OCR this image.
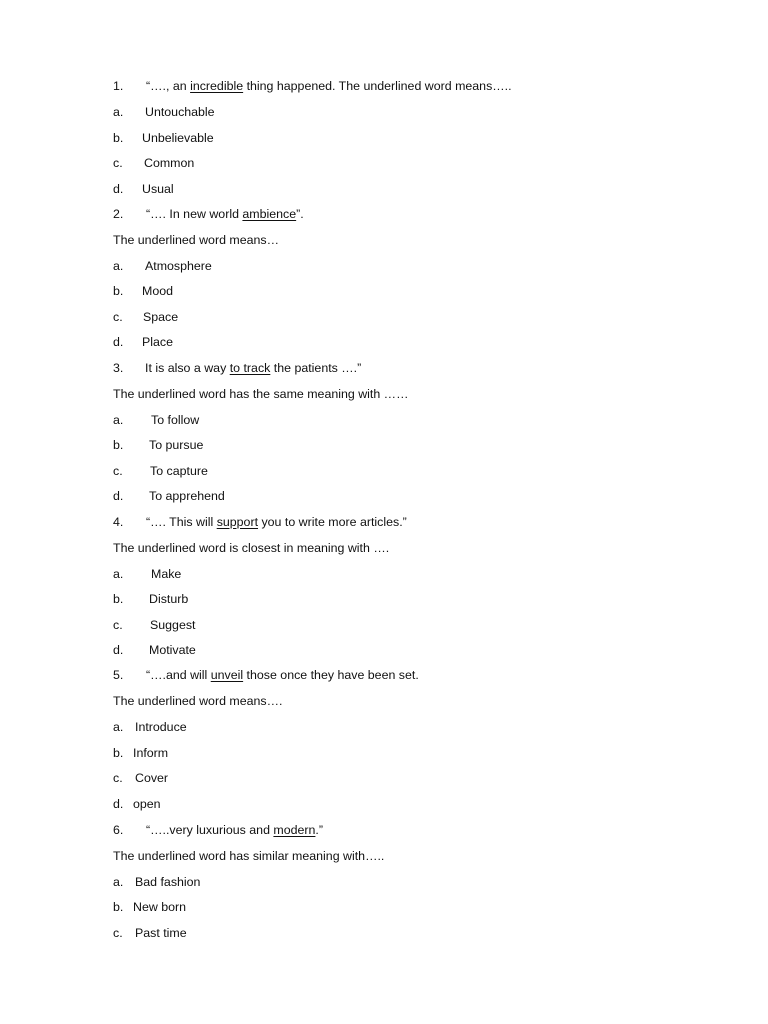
1. “…., an incredible thing happened. The underlined word means…..
a. Untouchable
b. Unbelievable
c. Common
d. Usual
2. “…. In new world ambience”.
The underlined word means…
a. Atmosphere
b. Mood
c. Space
d. Place
3. It is also a way to track the patients ….”
The underlined word has the same meaning with ……
a. To follow
b. To pursue
c. To capture
d. To apprehend
4. “…. This will support you to write more articles.”
The underlined word is closest in meaning with ….
a. Make
b. Disturb
c. Suggest
d. Motivate
5. “….and will unveil those once they have been set.
The underlined word means….
a. Introduce
b. Inform
c. Cover
d. open
6. “…..very luxurious and modern.”
The underlined word has similar meaning with…..
a. Bad fashion
b. New born
c. Past time
